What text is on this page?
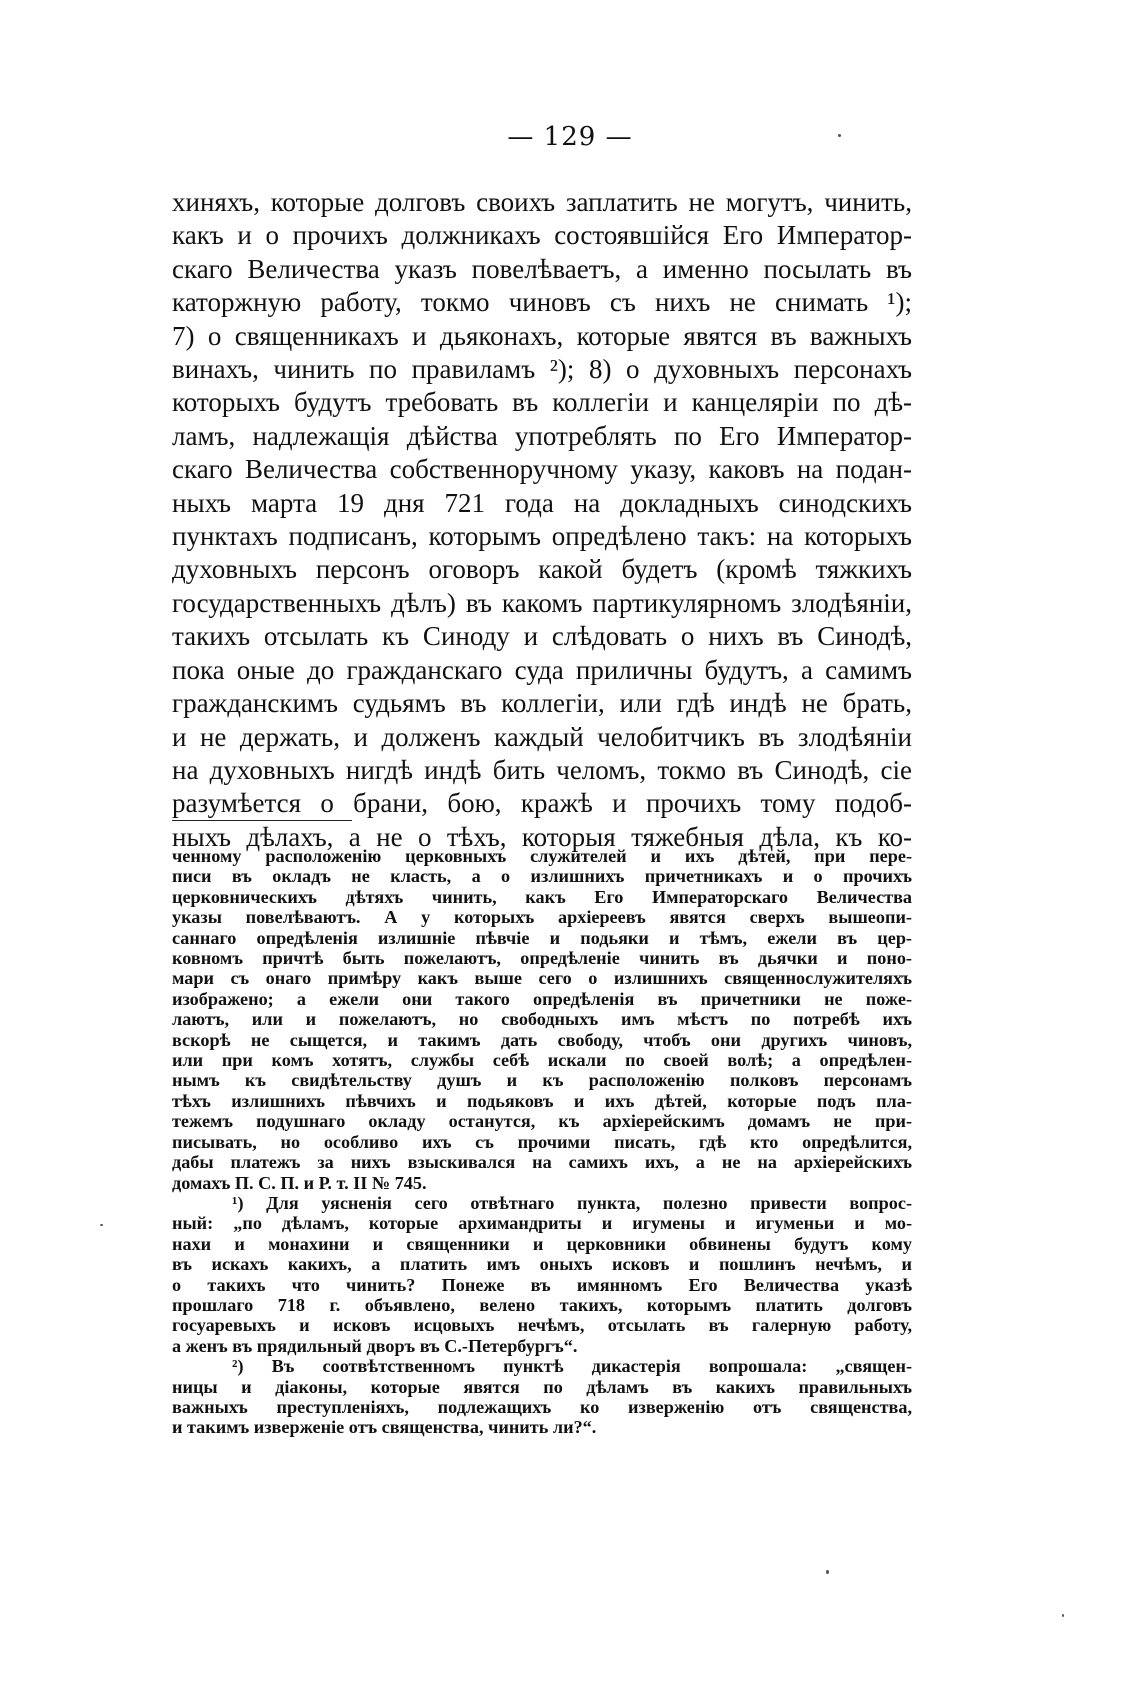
— 129 —
хиняхъ, которые долговъ своихъ заплатить не могутъ, чинить,
какъ и о прочихъ должникахъ состоявшійся Его Император-
скаго Величества указъ повелѣваетъ, а именно посылать въ
каторжную работу, токмо чиновъ съ нихъ не снимать ¹);
7) о священникахъ и дьяконахъ, которые явятся въ важныхъ
винахъ, чинить по правиламъ ²); 8) о духовныхъ персонахъ
которыхъ будутъ требовать въ коллегіи и канцеляріи по дѣ-
ламъ, надлежащія дѣйства употреблять по Его Император-
скаго Величества собственноручному указу, каковъ на подан-
ныхъ марта 19 дня 721 года на докладныхъ синодскихъ
пунктахъ подписанъ, которымъ опредѣлено такъ: на которыхъ
духовныхъ персонъ оговоръ какой будетъ (кромѣ тяжкихъ
государственныхъ дѣлъ) въ какомъ партикулярномъ злодѣяніи,
такихъ отсылать къ Синоду и слѣдовать о нихъ въ Синодѣ,
пока оные до гражданскаго суда приличны будутъ, а самимъ
гражданскимъ судьямъ въ коллегіи, или гдѣ индѣ не брать,
и не держать, и долженъ каждый челобитчикъ въ злодѣяніи
на духовныхъ нигдѣ индѣ бить челомъ, токмо въ Синодѣ, сіе
разумѣется о брани, бою, кражѣ и прочихъ тому подоб-
ныхъ дѣлахъ, а не о тѣхъ, которыя тяжебныя дѣла, къ ко-
ченному расположенію церковныхъ служителей и ихъ дѣтей, при пере-
писи въ окладъ не класть, а о излишнихъ причетникахъ и о прочихъ
церковническихъ дѣтяхъ чинить, какъ Его Императорскаго Величества
указы повелѣваютъ. А у которыхъ архіереевъ явятся сверхъ вышеопи-
саннаго опредѣленія излишніе пѣвчіе и подьяки и тѣмъ, ежели въ цер-
ковномъ причтѣ быть пожелаютъ, опредѣленіе чинить въ дьячки и поно-
мари съ онаго примѣру какъ выше сего о излишнихъ священнослужителяхъ
изображено; а ежели они такого опредѣленія въ причетники не поже-
лаютъ, или и пожелаютъ, но свободныхъ имъ мѣстъ по потребѣ ихъ
вскорѣ не сыщется, и такимъ дать свободу, чтобъ они другихъ чиновъ,
или при комъ хотятъ, службы себѣ искали по своей волѣ; а опредѣлен-
нымъ къ свидѣтельству душъ и къ расположенію полковъ персонамъ
тѣхъ излишнихъ пѣвчихъ и подьяковъ и ихъ дѣтей, которые подъ пла-
тежемъ подушнаго окладу останутся, къ архіерейскимъ домамъ не при-
писывать, но особливо ихъ съ прочими писать, гдѣ кто опредѣлится,
дабы платежъ за нихъ взыскивался на самихъ ихъ, а не на архіерейскихъ
домахъ П. С. П. и Р. т. II № 745.
¹) Для уясненія сего отвѣтнаго пункта, полезно привести вопрос-
ный: „по дѣламъ, которые архимандриты и игумены и игуменьи и мо-
нахи и монахини и священники и церковники обвинены будутъ кому
въ искахъ какихъ, а платить имъ оныхъ исковъ и пошлинъ нечѣмъ, и
о такихъ что чинить? Понеже въ имянномъ Его Величества указѣ
прошлаго 718 г. объявлено, велено такихъ, которымъ платить долговъ
госуаревыхъ и исковъ исцовыхъ нечѣмъ, отсылать въ галерную работу,
а женъ въ прядильный дворъ въ С.-Петербургъ“.
²) Въ соотвѣтственномъ пунктѣ дикастерія вопрошала: „священ-
ницы и діаконы, которые явятся по дѣламъ въ какихъ правильныхъ
важныхъ преступленіяхъ, подлежащихъ ко изверженію отъ священства,
и такимъ изверженіе отъ священства, чинить ли?“.
